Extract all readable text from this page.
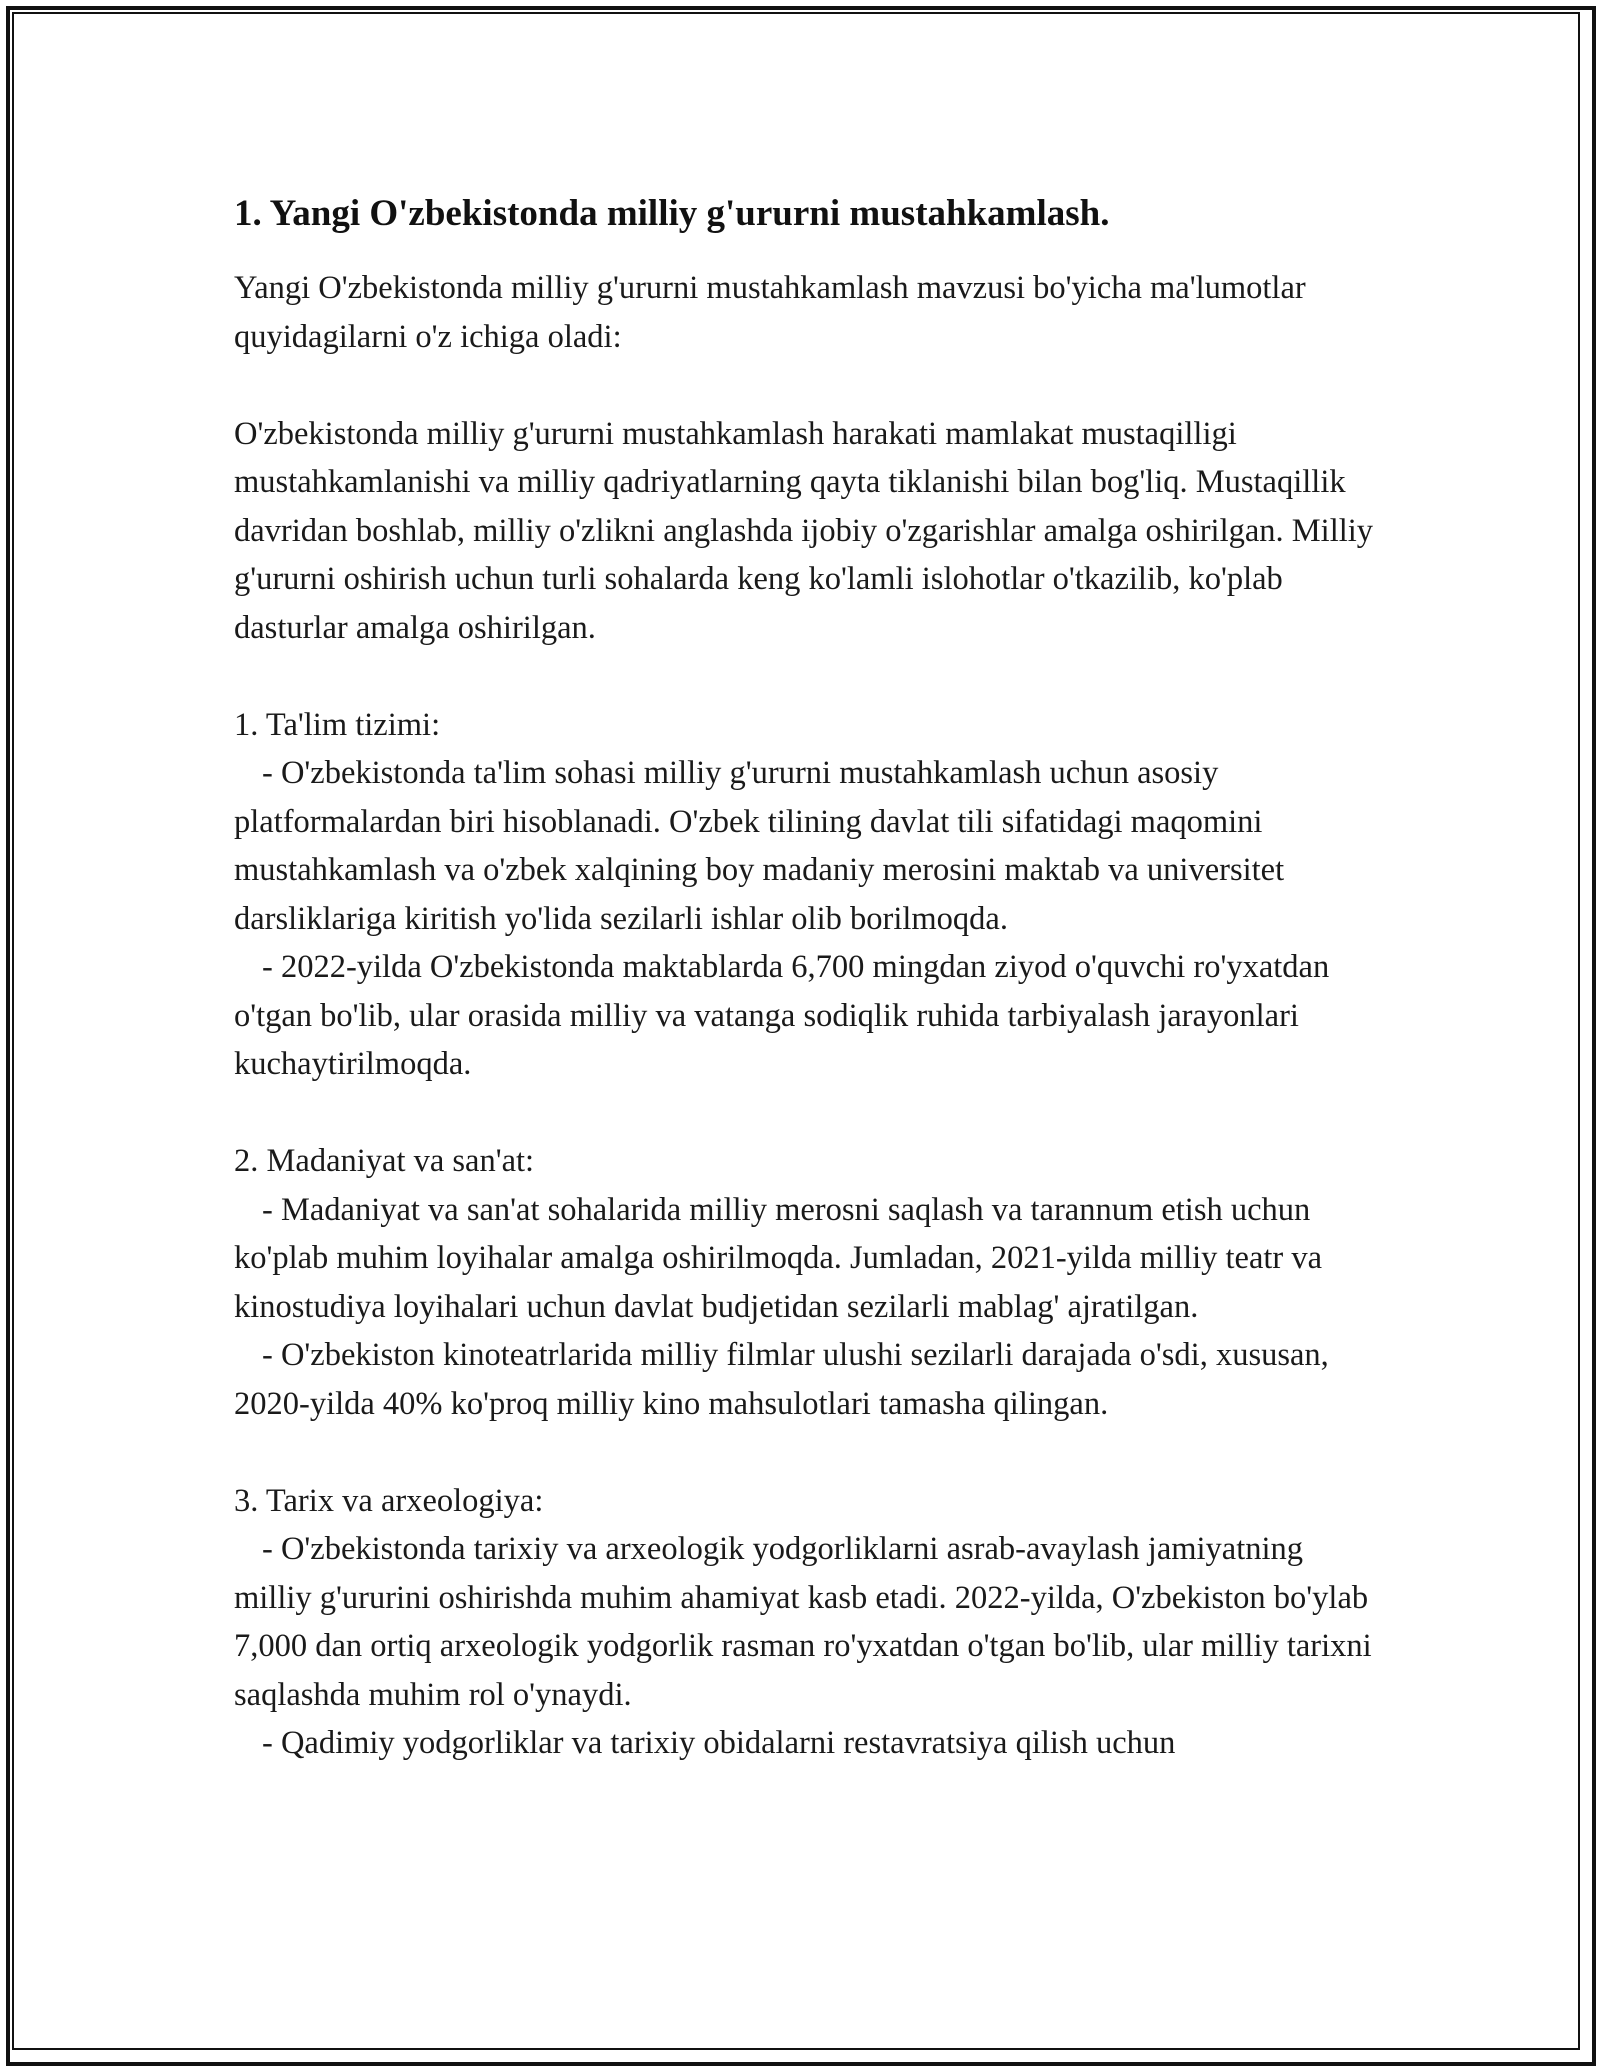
1. Yangi O'zbekistonda milliy g'ururni mustahkamlash.

Yangi O'zbekistonda milliy g'ururni mustahkamlash mavzusi bo'yicha ma'lumotlar quyidagilarni o'z ichiga oladi:

O'zbekistonda milliy g'ururni mustahkamlash harakati mamlakat mustaqilligi mustahkamlanishi va milliy qadriyatlarning qayta tiklanishi bilan bog'liq. Mustaqillik davridan boshlab, milliy o'zlikni anglashda ijobiy o'zgarishlar amalga oshirilgan. Milliy g'ururni oshirish uchun turli sohalarda keng ko'lamli islohotlar o'tkazilib, ko'plab dasturlar amalga oshirilgan.

1. Ta'lim tizimi:

- O'zbekistonda ta'lim sohasi milliy g'ururni mustahkamlash uchun asosiy platformalardan biri hisoblanadi. O'zbek tilining davlat tili sifatidagi maqomini mustahkamlash va o'zbek xalqining boy madaniy merosini maktab va universitet darsliklariga kiritish yo'lida sezilarli ishlar olib borilmoqda.

- 2022-yilda O'zbekistonda maktablarda 6,700 mingdan ziyod o'quvchi ro'yxatdan o'tgan bo'lib, ular orasida milliy va vatanga sodiqlik ruhida tarbiyalash jarayonlari kuchaytirilmoqda.

2. Madaniyat va san'at:

- Madaniyat va san'at sohalarida milliy merosni saqlash va tarannum etish uchun ko'plab muhim loyihalar amalga oshirilmoqda. Jumladan, 2021-yilda milliy teatr va kinostudiya loyihalari uchun davlat budjetidan sezilarli mablag' ajratilgan.

- O'zbekiston kinoteatrlarida milliy filmlar ulushi sezilarli darajada o'sdi, xususan, 2020-yilda 40% ko'proq milliy kino mahsulotlari tamasha qilingan.

3. Tarix va arxeologiya:

- O'zbekistonda tarixiy va arxeologik yodgorliklarni asrab-avaylash jamiyatning milliy g'ururini oshirishda muhim ahamiyat kasb etadi. 2022-yilda, O'zbekiston bo'ylab 7,000 dan ortiq arxeologik yodgorlik rasman ro'yxatdan o'tgan bo'lib, ular milliy tarixni saqlashda muhim rol o'ynaydi.

- Qadimiy yodgorliklar va tarixiy obidalarni restavratsiya qilish uchun
